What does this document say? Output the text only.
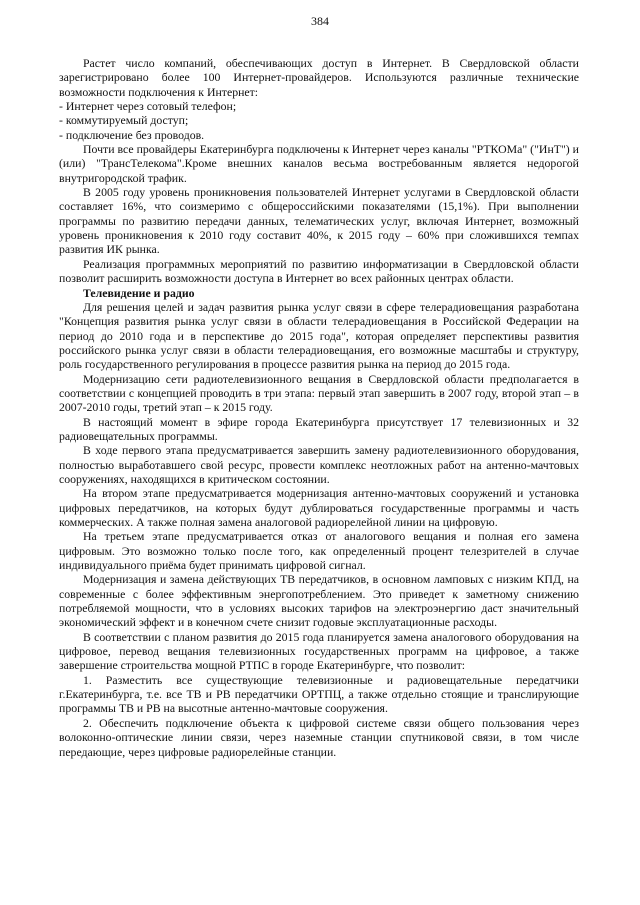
384

Растет число компаний, обеспечивающих доступ в Интернет. В Свердловской области зарегистрировано более 100 Интернет-провайдеров. Используются различные технические возможности подключения к Интернет:

- Интернет через сотовый телефон;

- коммутируемый доступ;

- подключение без проводов.

Почти все провайдеры Екатеринбурга подключены к Интернет через каналы "РТКОМа" ("ИнТ") и (или) "ТрансТелекома".Кроме внешних каналов весьма востребованным является недорогой внутригородской трафик.

В 2005 году уровень проникновения пользователей Интернет услугами в Свердловской области составляет 16%, что соизмеримо с общероссийскими показателями (15,1%). При выполнении программы по развитию передачи данных, телематических услуг, включая Интернет, возможный уровень проникновения к 2010 году составит 40%, к 2015 году – 60% при сложившихся темпах развития ИК рынка.

Реализация программных мероприятий по развитию информатизации в Свердловской области позволит расширить возможности доступа в Интернет во всех районных центрах области.

Телевидение и радио

Для решения целей и задач развития рынка услуг связи в сфере телерадиовещания разработана "Концепция развития рынка услуг связи в области телерадиовещания в Российской Федерации на период до 2010 года и в перспективе до 2015 года", которая определяет перспективы развития российского рынка услуг связи в области телерадиовещания, его возможные масштабы и структуру, роль государственного регулирования в процессе развития рынка на период до 2015 года.

Модернизацию сети радиотелевизионного вещания в Свердловской области предполагается в соответствии с концепцией проводить в три этапа: первый этап завершить в 2007 году, второй этап – в 2007-2010 годы, третий этап – к 2015 году.

В настоящий момент в эфире города Екатеринбурга присутствует 17 телевизионных и 32 радиовещательных программы.

В ходе первого этапа предусматривается завершить замену радиотелевизионного оборудования, полностью выработавшего свой ресурс, провести комплекс неотложных работ на антенно-мачтовых сооружениях, находящихся в критическом состоянии.

На втором этапе предусматривается модернизация антенно-мачтовых сооружений и установка цифровых передатчиков, на которых будут дублироваться государственные программы и часть коммерческих. А также полная замена аналоговой радиорелейной линии на цифровую.

На третьем этапе предусматривается отказ от аналогового вещания и полная его замена цифровым. Это возможно только после того, как определенный процент телезрителей в случае индивидуального приёма будет принимать цифровой сигнал.

Модернизация и замена действующих ТВ передатчиков, в основном ламповых с низким КПД, на современные с более эффективным энергопотреблением. Это приведет к заметному снижению потребляемой мощности, что в условиях высоких тарифов на электроэнергию даст значительный экономический эффект и в конечном счете снизит годовые эксплуатационные расходы.

В соответствии с планом развития до 2015 года планируется замена аналогового оборудования на цифровое, перевод вещания телевизионных государственных программ на цифровое, а также завершение строительства мощной РТПС в городе Екатеринбурге, что позволит:

1. Разместить все существующие телевизионные и радиовещательные передатчики г.Екатеринбурга, т.е. все ТВ и РВ передатчики ОРТПЦ, а также отдельно стоящие и транслирующие программы ТВ и РВ на высотные антенно-мачтовые сооружения.

2. Обеспечить подключение объекта к цифровой системе связи общего пользования через волоконно-оптические линии связи, через наземные станции спутниковой связи, в том числе передающие, через цифровые радиорелейные станции.
